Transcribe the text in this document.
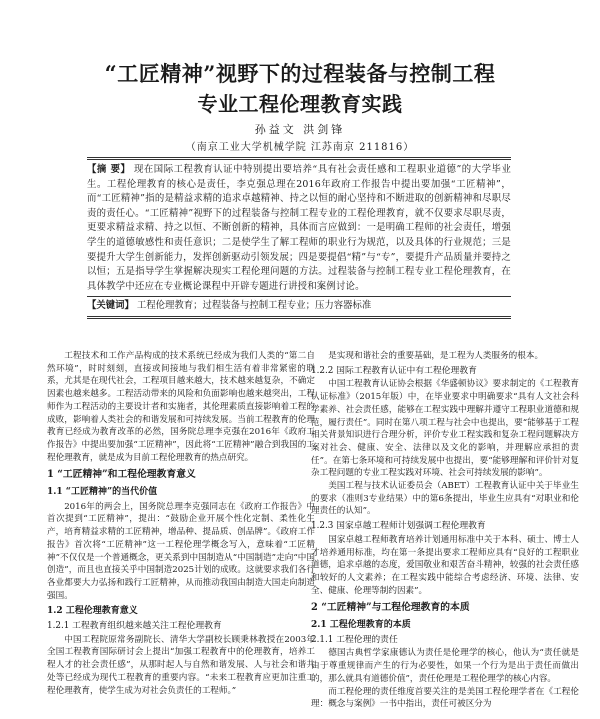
“工匠精神”视野下的过程装备与控制工程
专业工程伦理教育实践
孙益文 洪剑锋
（南京工业大学机械学院 江苏南京 211816）
【摘 要】 现在国际工程教育认证中特别提出要培养“具有社会责任感和工程职业道德”的大学毕业生。工程伦理教育的核心是责任，李克强总理在2016年政府工作报告中提出要加强“工匠精神”，而“工匠精神”指的是精益求精的追求卓越精神、持之以恒的耐心坚持和不断进取的创新精神和尽职尽责的责任心。“工匠精神”视野下的过程装备与控制工程专业的工程伦理教育，就不仅要求尽职尽责，更要求精益求精、持之以恒、不断创新的精神，具体而言应做到：一是明确工程师的社会责任，增强学生的道德敏感性和责任意识；二是使学生了解工程师的职业行为规范，以及具体的行业规范；三是要提升大学生创新能力，发挥创新驱动引领发展；四是要提倡“精”与“专”，要提升产品质量并要持之以恒；五是指导学生掌握解决现实工程伦理问题的方法。过程装备与控制工程专业工程伦理教育，在具体教学中还应在专业概论课程中开辟专题进行讲授和案例讨论。
【关键词】 工程伦理教育；过程装备与控制工程专业；压力容器标准

工程技术和工作产品构成的技术系统已经成为我们人类的“第二自然环境”，时时刻刻，直接或间接地与我们相生活有着非常紧密的联系，尤其是在现代社会，工程项目越来越大，技术越来越复杂，不确定因素也越来越多。工程活动带来的风险和负面影响也越来越突出，工程师作为工程活动的主要设计者和实施者，其伦理素质直接影响着工程的成败，影响着人类社会的和谐发展和可持续发展。当前工程教育的伦理教育已经成为教育改革的必然，国务院总理李克强在2016年《政府工作报告》中提出要加强“工匠精神”，因此将“工匠精神”融合到我国的工程伦理教育，就是成为目前工程伦理教育的热点研究。

1 “工匠精神”和工程伦理教育意义
1.1 “工匠精神”的当代价值

2016年的两会上，国务院总理李克强同志在《政府工作报告》中首次提到“工匠精神”，提出：“鼓励企业开展个性化定制、柔性化生产，培育精益求精的工匠精神，增品种、提品质、创品牌”。《政府工作报告》首次将“工匠精神”这一工程伦理学概念写入，意味着“工匠精神”不仅仅是一个普通概念，更关系到中国制造从“中国制造”走向“中国创造”，而且也直接关乎中国制造2025计划的成败。这就要求我们各行各业都要大力弘扬和践行工匠精神，从而推动我国由制造大国走向制造强国。

1.2 工程伦理教育意义
1.2.1 工程教育组织越来越关注工程伦理教育

中国工程院原常务副院长、清华大学副校长顾秉林教授在2003年全国工程教育国际研讨会上提出“加强工程教育中的伦理教育，培养工程人才的社会责任感”，从那时起人与自然和谐发展、人与社会和谐共处等已经成为现代工程教育的重要内容。“未来工程教育应更加注重工程伦理教育，使学生成为对社会负责任的工程师。”

是实现和谐社会的重要基础，是工程为人类服务的根本。

1.2.2 国际工程教育认证中有工程伦理教育

中国工程教育认证协会根据《华盛顿协议》要求制定的《工程教育认证标准》（2015年版）中，在毕业要求中明确要求“具有人文社会科学素养、社会责任感，能够在工程实践中理解并遵守工程职业道德和规范，履行责任”。同时在第八项工程与社会中也提出，要“能够基于工程相关背景知识进行合理分析，评价专业工程实践和复杂工程问题解决方案对社会、健康、安全、法律以及文化的影响，并理解应承担的责任”。在第七条环境和可持续发展中也提出，要“能够理解和评价针对复杂工程问题的专业工程实践对环境、社会可持续发展的影响”。

美国工程与技术认证委员会（ABET）工程教育认证中关于毕业生的要求（准则3专业结果）中的第6条提出，毕业生应具有“对职业和伦理责任的认知”。

1.2.3 国家卓越工程师计划强调工程伦理教育

国家卓越工程师教育培养计划通用标准中关于本科、硕士、博士人才培养通用标准，均在第一条提出要求工程师应具有“良好的工程职业道德，追求卓越的态度，爱国敬业和艰苦奋斗精神，较强的社会责任感和较好的人文素养；在工程实践中能综合考虑经济、环境、法律、安全、健康、伦理等制约因素”。

2 “工匠精神”与工程伦理教育的本质
2.1 工程伦理教育的本质
2.1.1 工程伦理的责任

德国古典哲学家康德认为责任是伦理学的核心，他认为“责任就是由于尊重规律而产生的行为必要性，如果一个行为是出于责任而做出的，那么就具有道德价值”，责任伦理是工程伦理学的核心内容。

而工程伦理的责任维度首要关注的是美国工程伦理学者在《工程伦理：概念与案例》一书中指出，责任可被区分为
